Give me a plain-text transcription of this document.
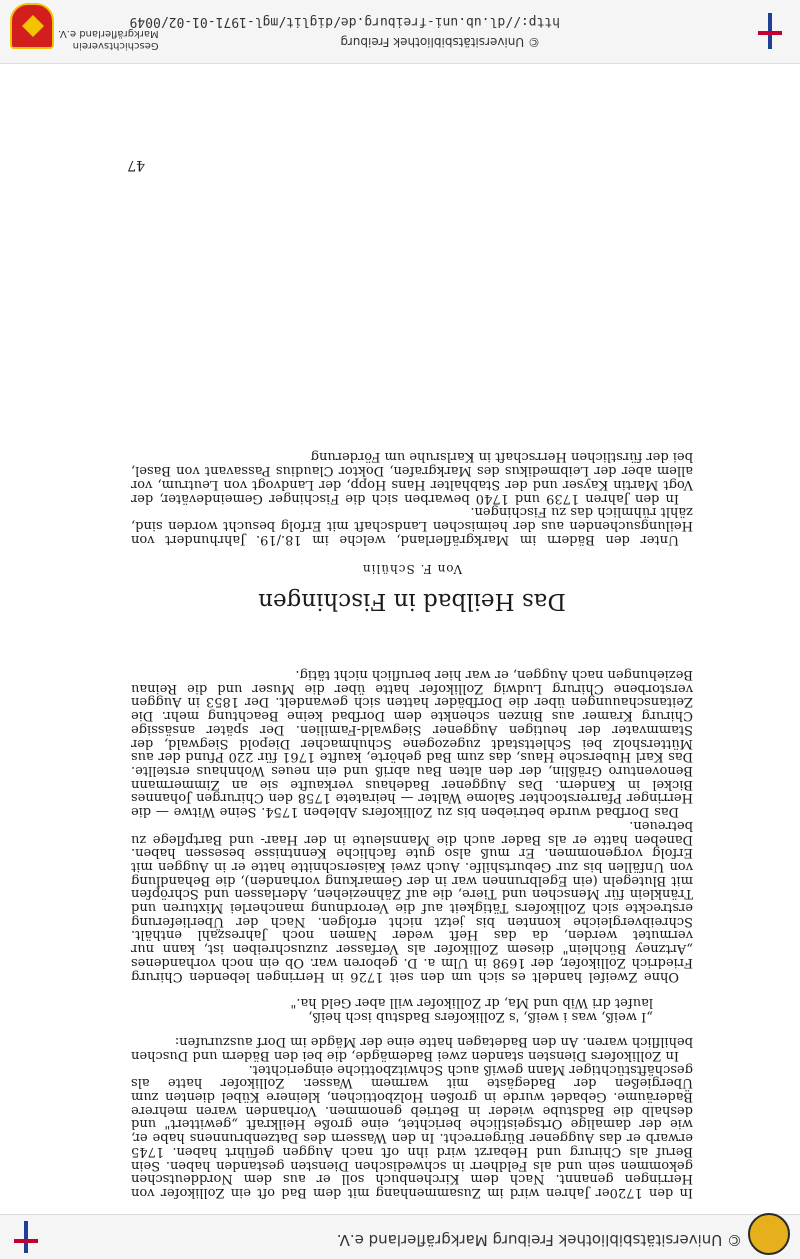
© Universitätsbibliothek Freiburg
http://dl.ub.uni-freiburg.de/diglit/mgl-1971-01-02/0049
Geschichtsverein
Markgräflerland e.V.

In den 1720er Jahren wird im Zusammenhang mit dem Bad oft ein Zollikofer von Herringen genannt. Nach dem Kirchenbuch soll er aus dem Norddeutschen gekommen sein und als Feldherr in schwedischen Diensten gestanden haben. Sein Beruf als Chirurg und Hebarzt wird ihn oft nach Auggen geführt haben. 1745 erwarb er das Auggener Bürgerrecht. In den Wassern des Datzenbrunnens habe er, wie der damalige Ortsgeistliche berichtet, eine große Heilkraft „gewittert" und deshalb die Badstube wieder in Betrieb genommen. Vorhanden waren mehrere Baderäume. Gebadet wurde in großen Holzbottichen, kleinere Kübel dienten zum Übergießen der Badegäste mit warmem Wasser. Zollikofer hatte als geschäftstüchtiger Mann gewiß auch Schwitzbottiche eingerichtet.

In Zollikofers Diensten standen zwei Bademägde, die bei den Bädern und Duschen behilflich waren. An den Badetagen hatte eine der Mägde im Dorf auszurufen:

„I weiß, was i weiß, 's Zollikofers Badstub isch heiß,
laufet dri Wib und Ma, dr Zollikofer will aber Geld ha."

Ohne Zweifel handelt es sich um den seit 1726 in Herringen lebenden Chirurg Friedrich Zollikofer, der 1698 in Ulm a. D. geboren war. Ob ein noch vorhandenes „Artzney Büchlein" diesem Zollikofer als Verfasser zuzuschreiben ist, kann nur vermutet werden, da das Heft weder Namen noch Jahreszahl enthält. Schreibvergleiche konnten bis jetzt nicht erfolgen. Nach der Überlieferung erstreckte sich Zollikofers Tätigkeit auf die Verordnung mancherlei Mixturen und Tränklein für Menschen und Tiere, die auf Zähneziehen, Aderlassen und Schröpfen mit Blutegeln (ein Egelbrunnen war in der Gemarkung vorhanden), die Behandlung von Unfällen bis zur Geburtshilfe. Auch zwei Kaiserschnitte hatte er in Auggen mit Erfolg vorgenommen. Er muß also gute fachliche Kenntnisse besessen haben. Daneben hatte er als Bader auch die Mannsleute in der Haar- und Bartpflege zu betreuen.

Das Dorfbad wurde betrieben bis zu Zollikofers Ableben 1754. Seine Witwe — die Herringer Pfarrerstochter Salome Walter — heiratete 1758 den Chirurgen Johannes Bickel in Kandern. Das Auggener Badehaus verkaufte sie an Zimmermann Benoventuro Gräßlin, der den alten Bau abriß und ein neues Wohnhaus erstellte. Das Karl Hubersche Haus, das zum Bad gehörte, kaufte 1761 für 220 Pfund der aus Müttersholz bei Schlettstadt zugezogene Schuhmacher Diepold Siegwald, der Stammvater der heutigen Auggener Siegwald-Familien. Der später ansässige Chirurg Kramer aus Binzen schenkte dem Dorfbad keine Beachtung mehr. Die Zeitanschauungen über die Dorfbäder hatten sich gewandelt. Der 1853 in Auggen verstorbene Chirurg Ludwig Zollikofer hatte über die Muser und die Reinau Beziehungen nach Auggen, er war hier beruflich nicht tätig.

Das Heilbad in Fischingen
Von F. Schülin

Unter den Bädern im Markgräflerland, welche im 18./19. Jahrhundert von Heilungsuchenden aus der heimischen Landschaft mit Erfolg besucht worden sind, zählt rühmlich das zu Fischingen.

In den Jahren 1739 und 1740 bewarben sich die Fischinger Gemeindeväter, der Vogt Martin Kayser und der Stabhalter Hans Hopp, der Landvogt von Leutrum, vor allem aber der Leibmedikus des Markgrafen, Doktor Claudius Passavant von Basel, bei der fürstlichen Herrschaft in Karlsruhe um Förderung

47
© Universitätsbibliothek Freiburg Markgräflerland e.V.
